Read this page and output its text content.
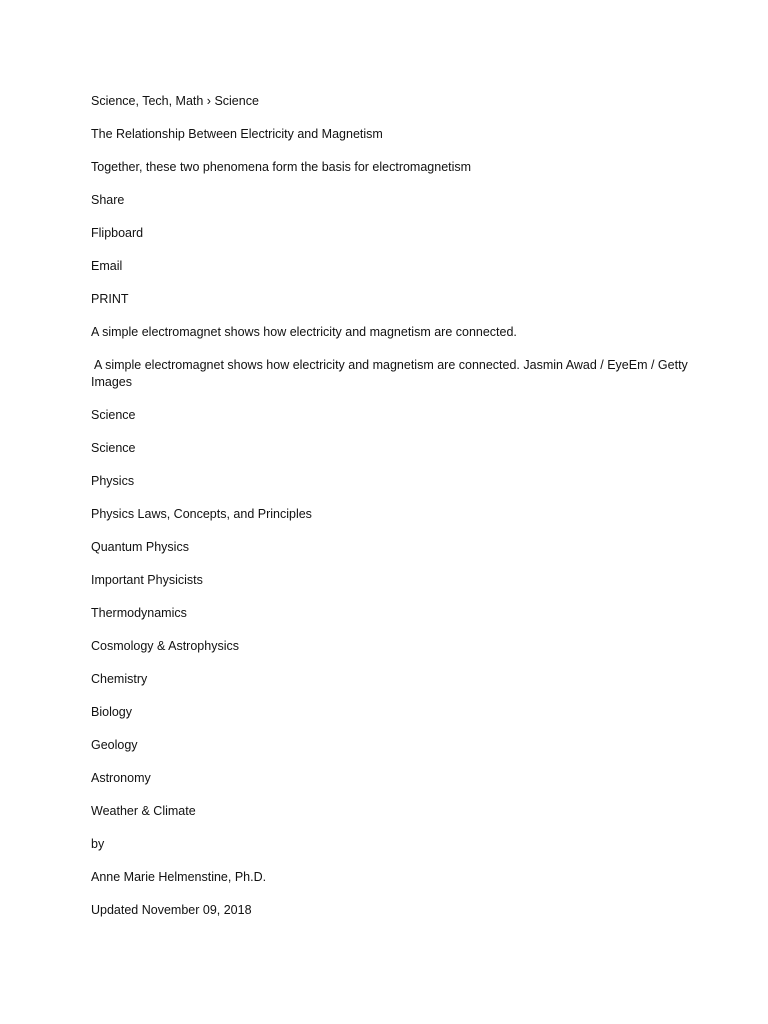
Science, Tech, Math › Science

The Relationship Between Electricity and Magnetism

Together, these two phenomena form the basis for electromagnetism

Share

Flipboard

Email

PRINT

A simple electromagnet shows how electricity and magnetism are connected.

A simple electromagnet shows how electricity and magnetism are connected. Jasmin Awad / EyeEm / Getty Images

Science

Science

Physics

Physics Laws, Concepts, and Principles

Quantum Physics

Important Physicists

Thermodynamics

Cosmology & Astrophysics

Chemistry

Biology

Geology

Astronomy

Weather & Climate

by

Anne Marie Helmenstine, Ph.D.

Updated November 09, 2018
